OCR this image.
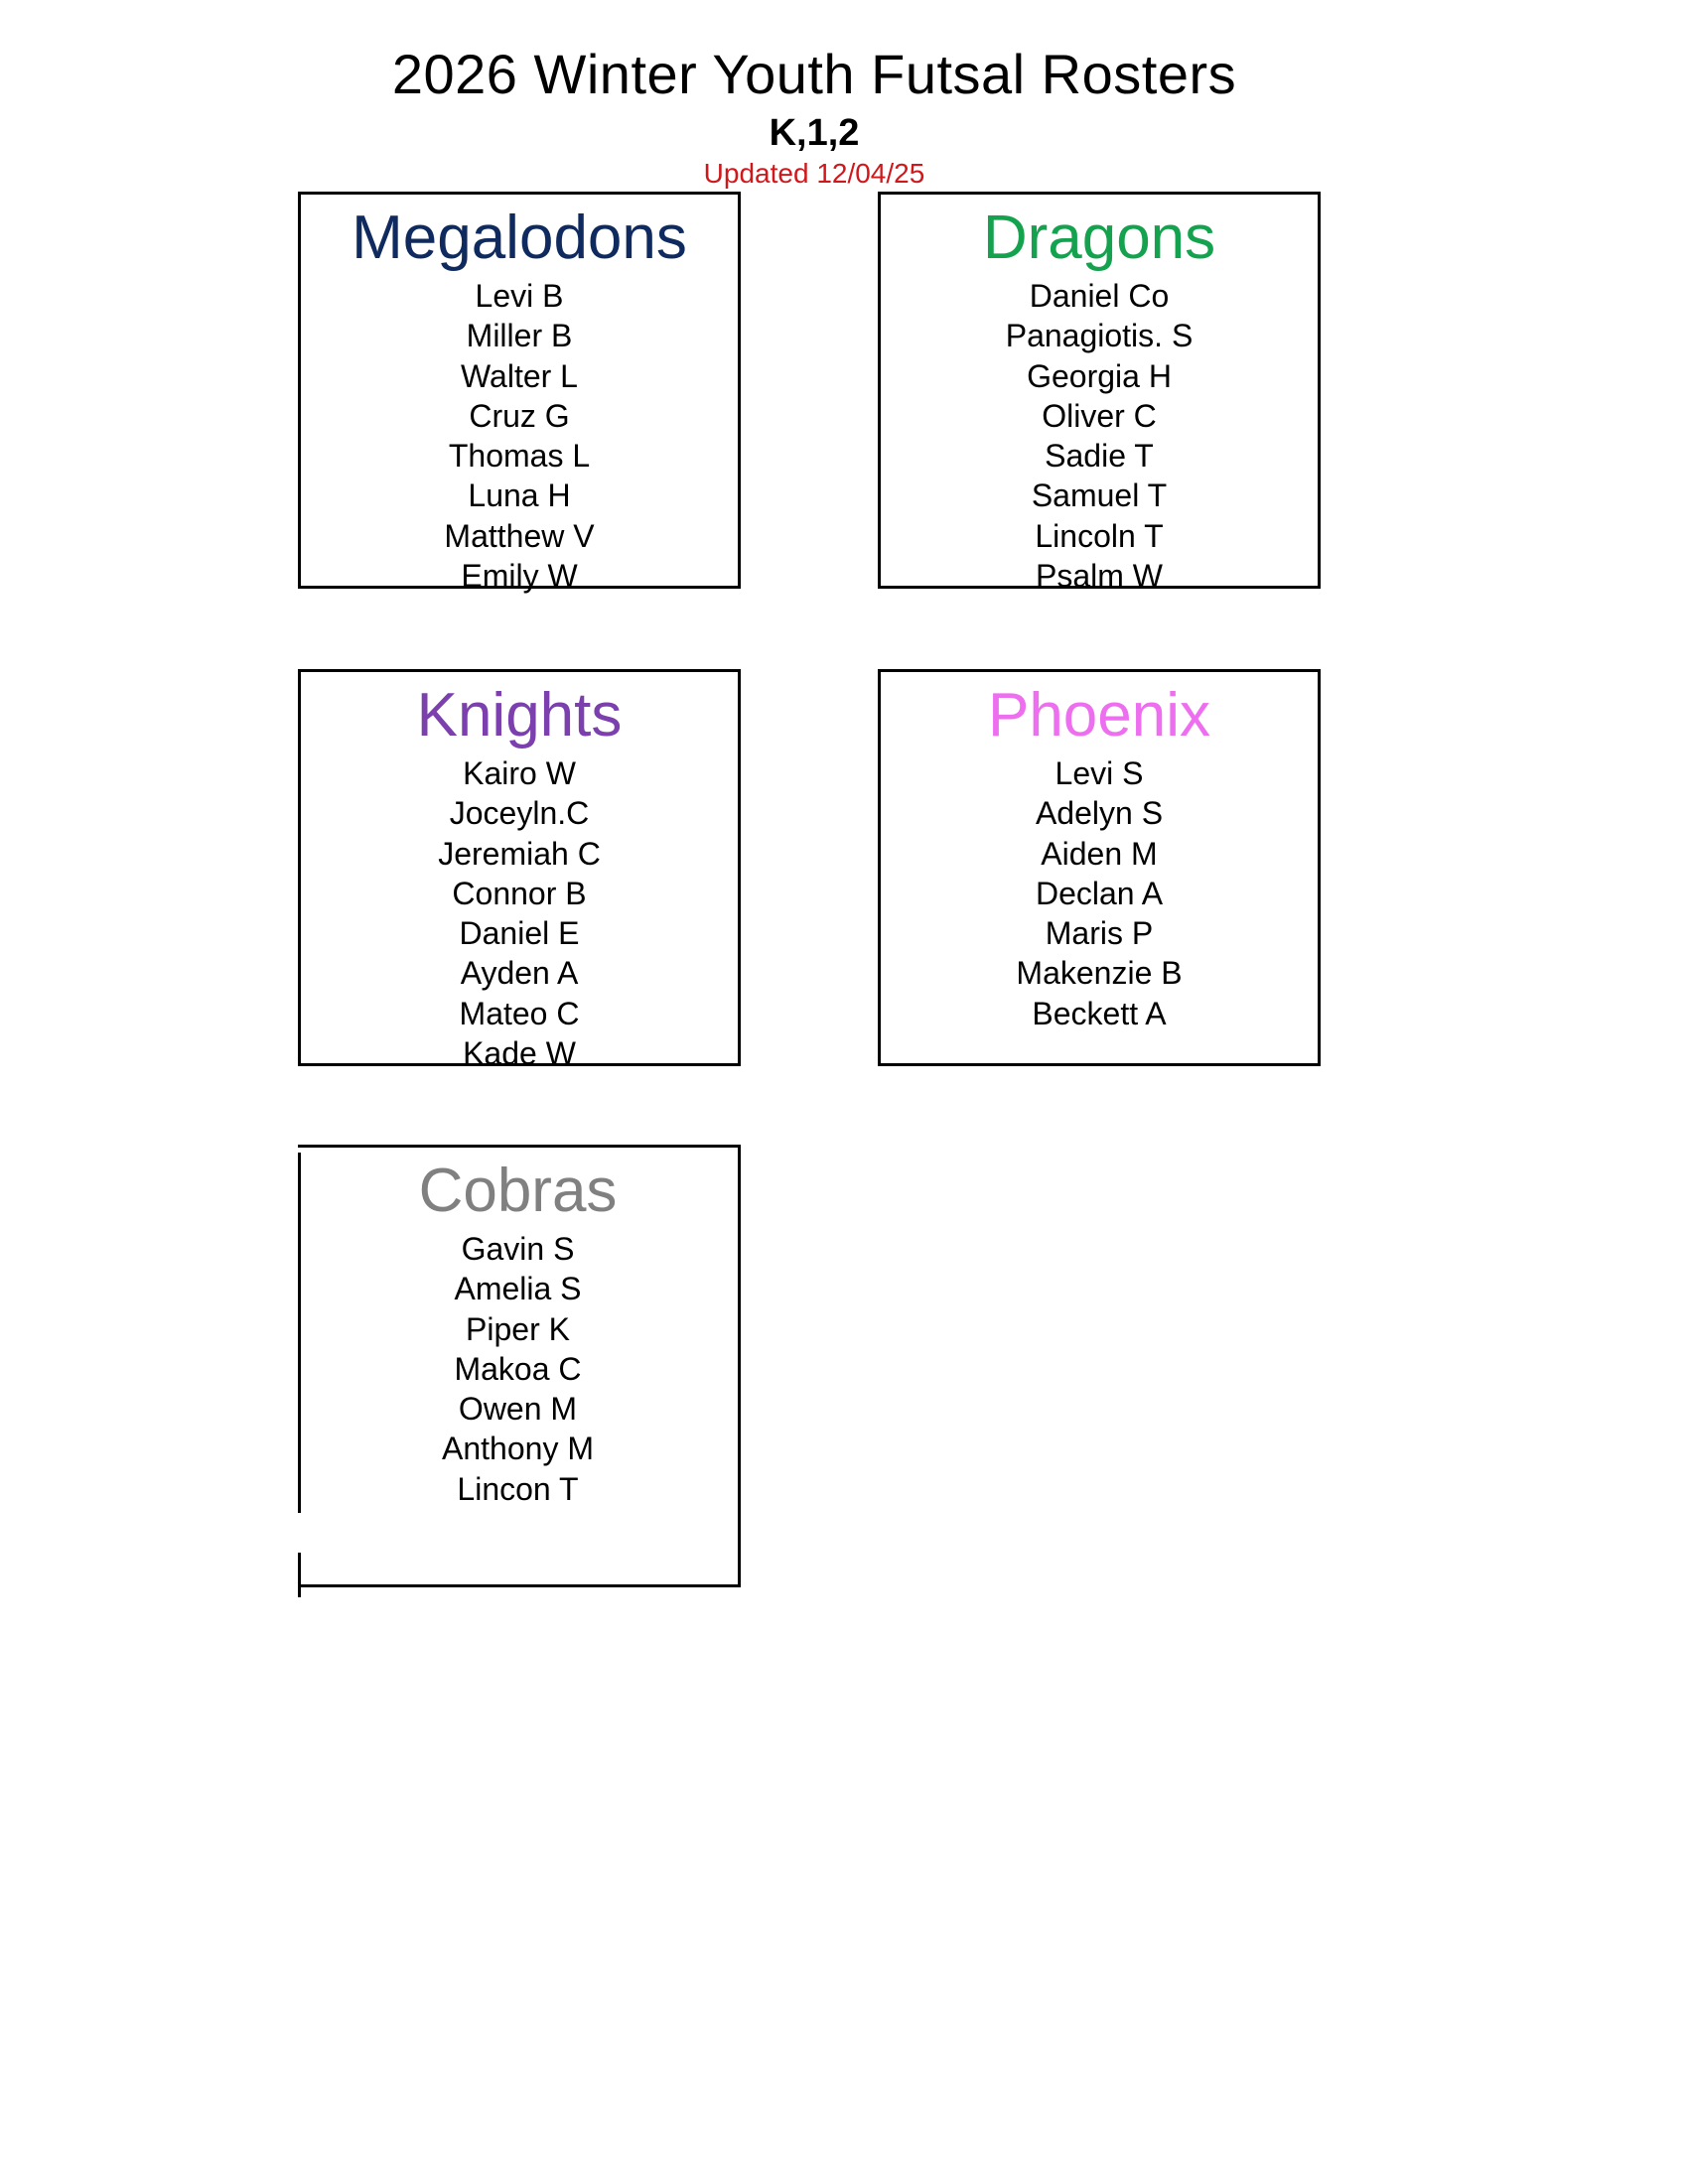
2026 Winter Youth Futsal Rosters
K,1,2
Updated 12/04/25
Megalodons
Levi B
Miller B
Walter L
Cruz G
Thomas L
Luna H
Matthew V
Emily W
Dragons
Daniel Co
Panagiotis. S
Georgia H
Oliver C
Sadie T
Samuel T
Lincoln T
Psalm W
Knights
Kairo W
Joceyln.C
Jeremiah C
Connor B
Daniel E
Ayden A
Mateo C
Kade W
Phoenix
Levi S
Adelyn S
Aiden M
Declan A
Maris P
Makenzie B
Beckett A
Cobras
Gavin S
Amelia S
Piper K
Makoa C
Owen M
Anthony M
Lincon T
